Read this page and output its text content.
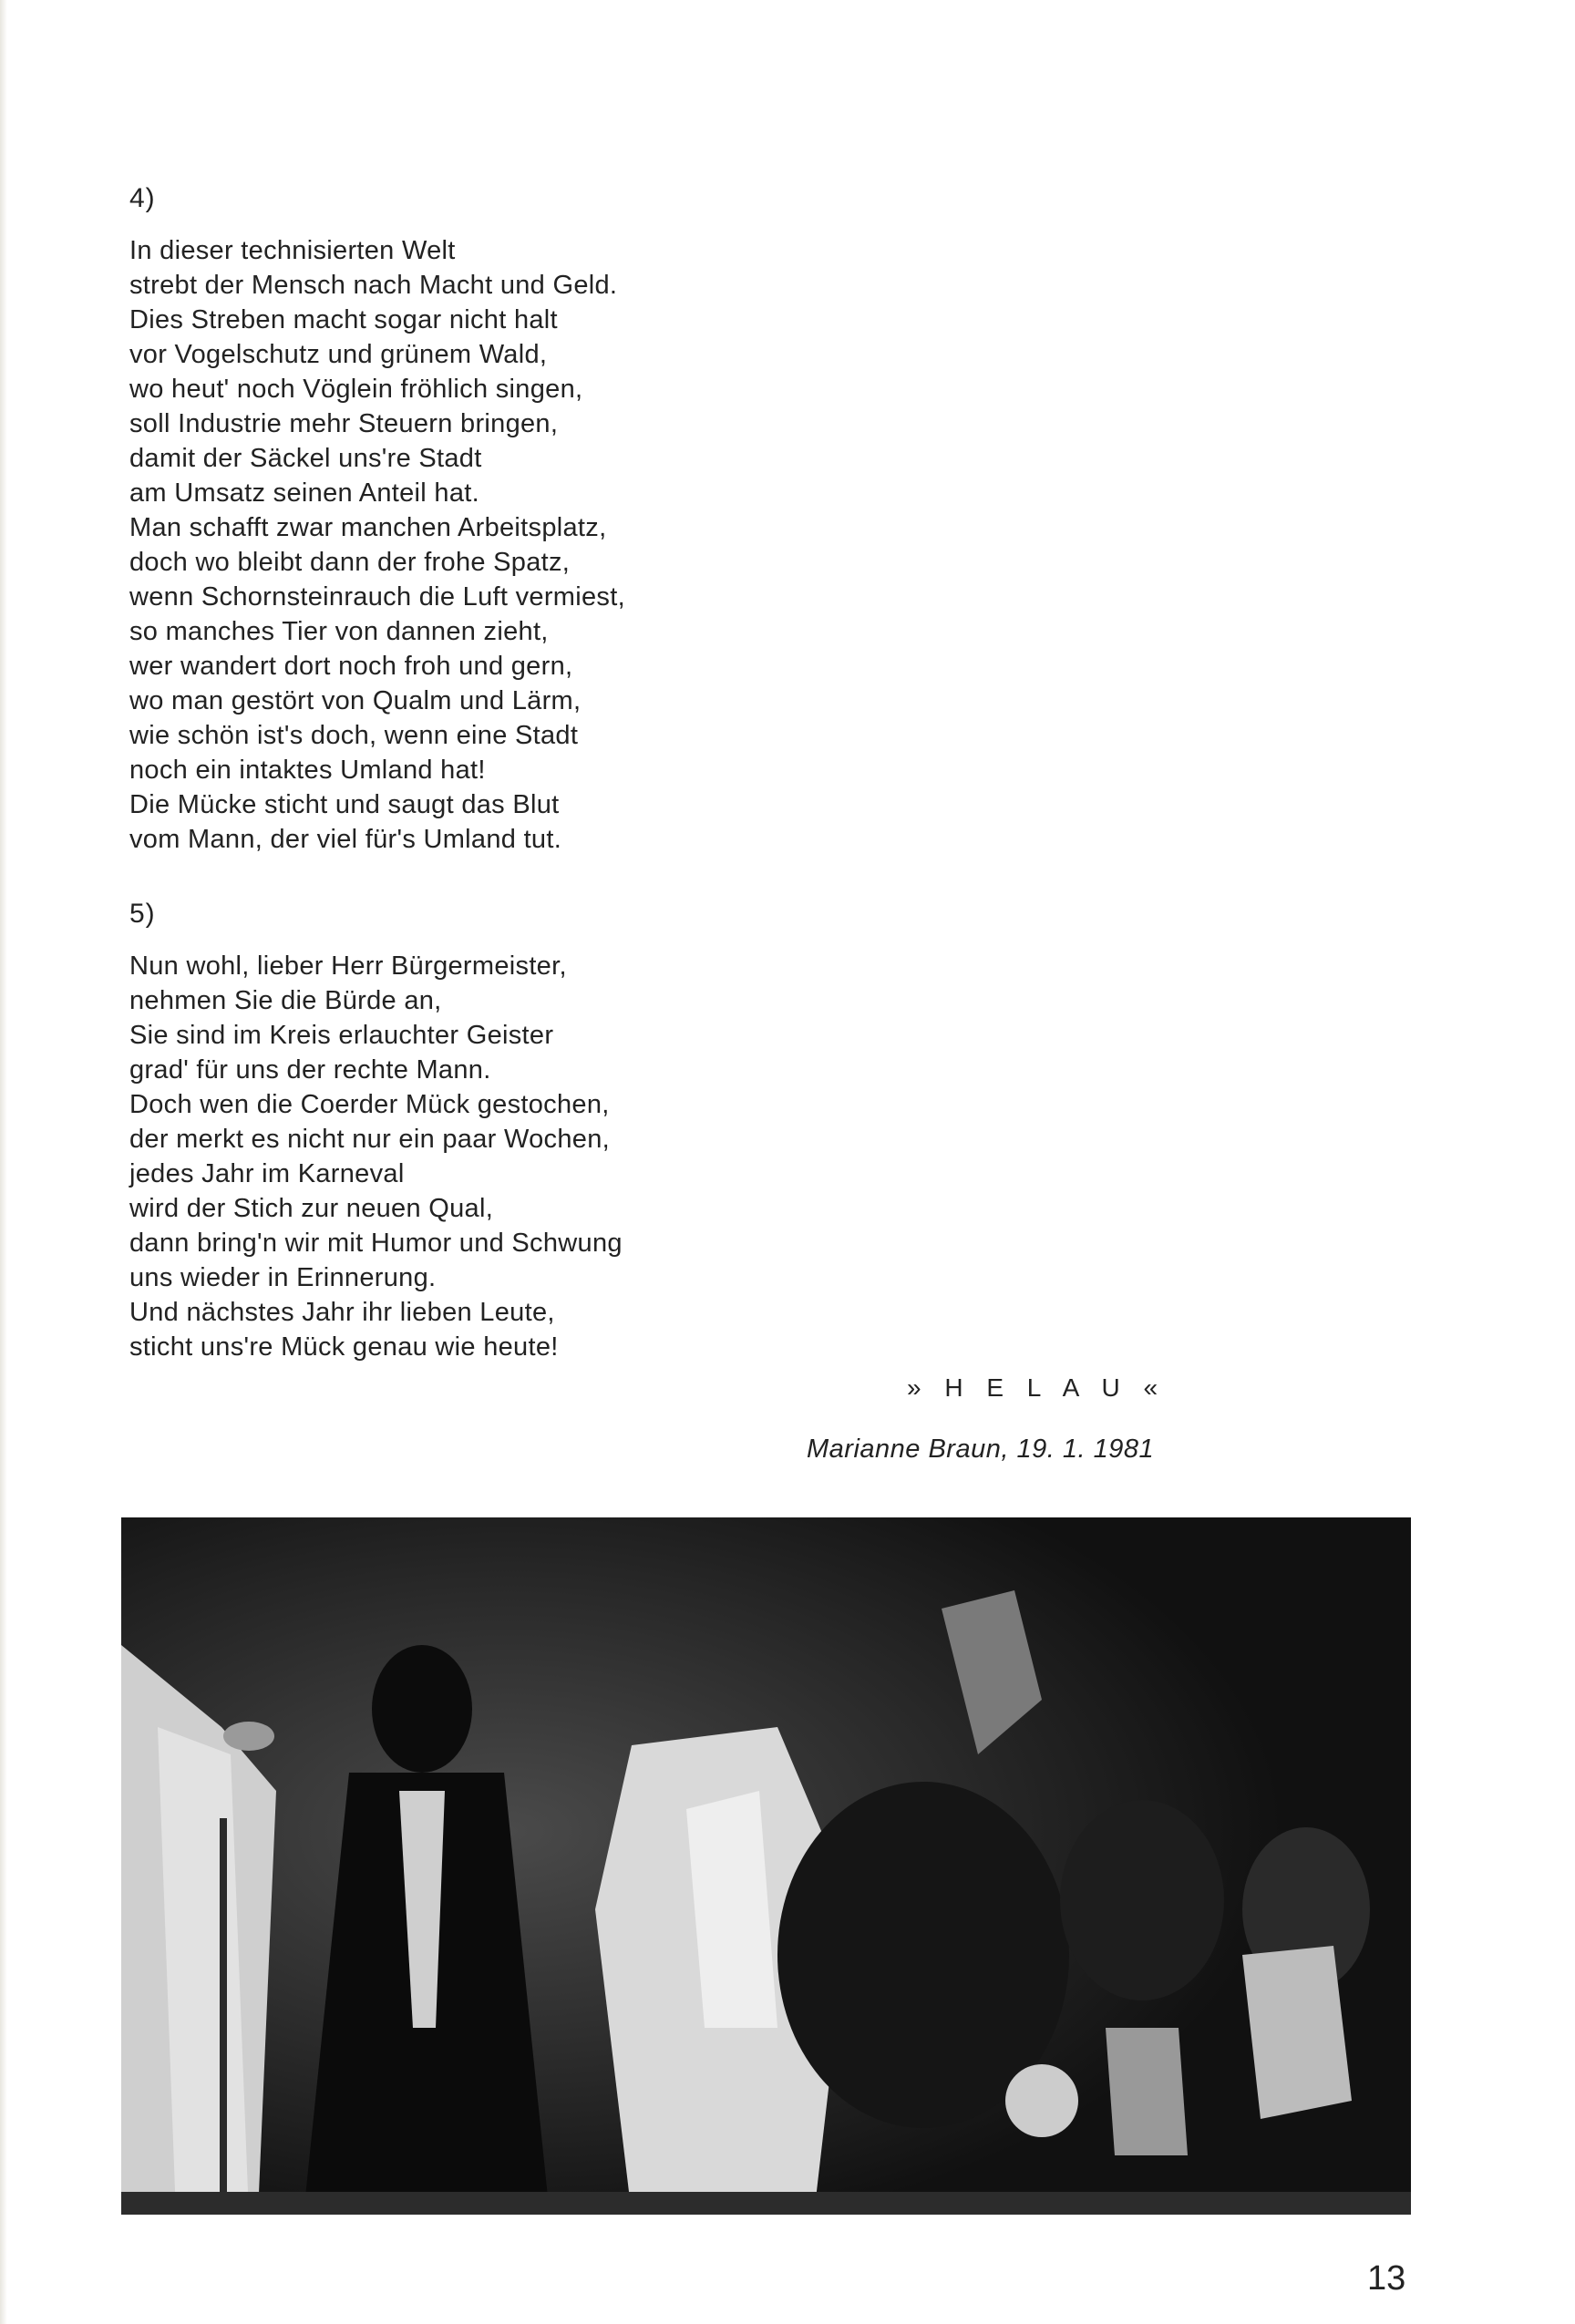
4)

In dieser technisierten Welt

strebt der Mensch nach Macht und Geld.

Dies Streben macht sogar nicht halt

vor Vogelschutz und grünem Wald,

wo heut' noch Vöglein fröhlich singen,

soll Industrie mehr Steuern bringen,

damit der Säckel uns're Stadt

am Umsatz seinen Anteil hat.

Man schafft zwar manchen Arbeitsplatz,

doch wo bleibt dann der frohe Spatz,

wenn Schornsteinrauch die Luft vermiest,

so manches Tier von dannen zieht,

wer wandert dort noch froh und gern,

wo man gestört von Qualm und Lärm,

wie schön ist's doch, wenn eine Stadt

noch ein intaktes Umland hat!

Die Mücke sticht und saugt das Blut

vom Mann, der viel für's Umland tut.

5)

Nun wohl, lieber Herr Bürgermeister,

nehmen Sie die Bürde an,

Sie sind im Kreis erlauchter Geister

grad' für uns der rechte Mann.

Doch wen die Coerder Mück gestochen,

der merkt es nicht nur ein paar Wochen,

jedes Jahr im Karneval

wird der Stich zur neuen Qual,

dann bring'n wir mit Humor und Schwung

uns wieder in Erinnerung.

Und nächstes Jahr ihr lieben Leute,

sticht uns're Mück genau wie heute!

» H E L A U «
Marianne Braun, 19. 1. 1981
13
